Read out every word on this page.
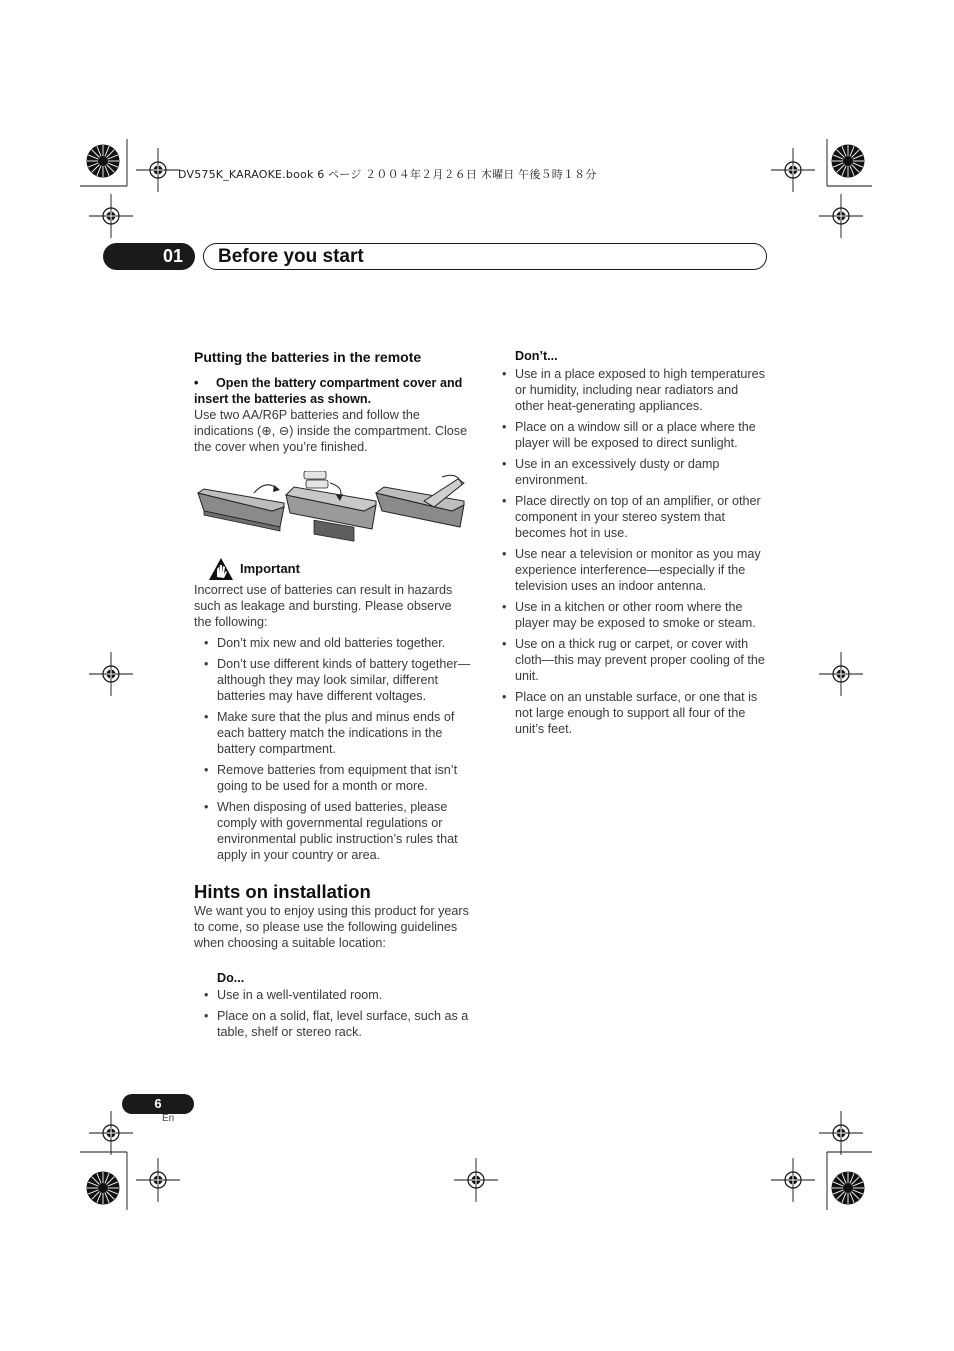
DV575K_KARAOKE.book 6 ページ ２００４年２月２６日 木曜日 午後５時１８分
01	Before you start

Putting the batteries in the remote

• Open the battery compartment cover and insert the batteries as shown.

Use two AA/R6P batteries and follow the indications (⊕, ⊖) inside the compartment. Close the cover when you’re finished.

Important

Incorrect use of batteries can result in hazards such as leakage and bursting. Please observe the following:

• Don’t mix new and old batteries together.
• Don’t use different kinds of battery together—although they may look similar, different batteries may have different voltages.
• Make sure that the plus and minus ends of each battery match the indications in the battery compartment.
• Remove batteries from equipment that isn’t going to be used for a month or more.
• When disposing of used batteries, please comply with governmental regulations or environmental public instruction’s rules that apply in your country or area.

Hints on installation

We want you to enjoy using this product for years to come, so please use the following guidelines when choosing a suitable location:

Do...

• Use in a well-ventilated room.
• Place on a solid, flat, level surface, such as a table, shelf or stereo rack.

Don’t...

• Use in a place exposed to high temperatures or humidity, including near radiators and other heat-generating appliances.
• Place on a window sill or a place where the player will be exposed to direct sunlight.
• Use in an excessively dusty or damp environment.
• Place directly on top of an amplifier, or other component in your stereo system that becomes hot in use.
• Use near a television or monitor as you may experience interference—especially if the television uses an indoor antenna.
• Use in a kitchen or other room where the player may be exposed to smoke or steam.
• Use on a thick rug or carpet, or cover with cloth—this may prevent proper cooling of the unit.
• Place on an unstable surface, or one that is not large enough to support all four of the unit’s feet.
6
En
